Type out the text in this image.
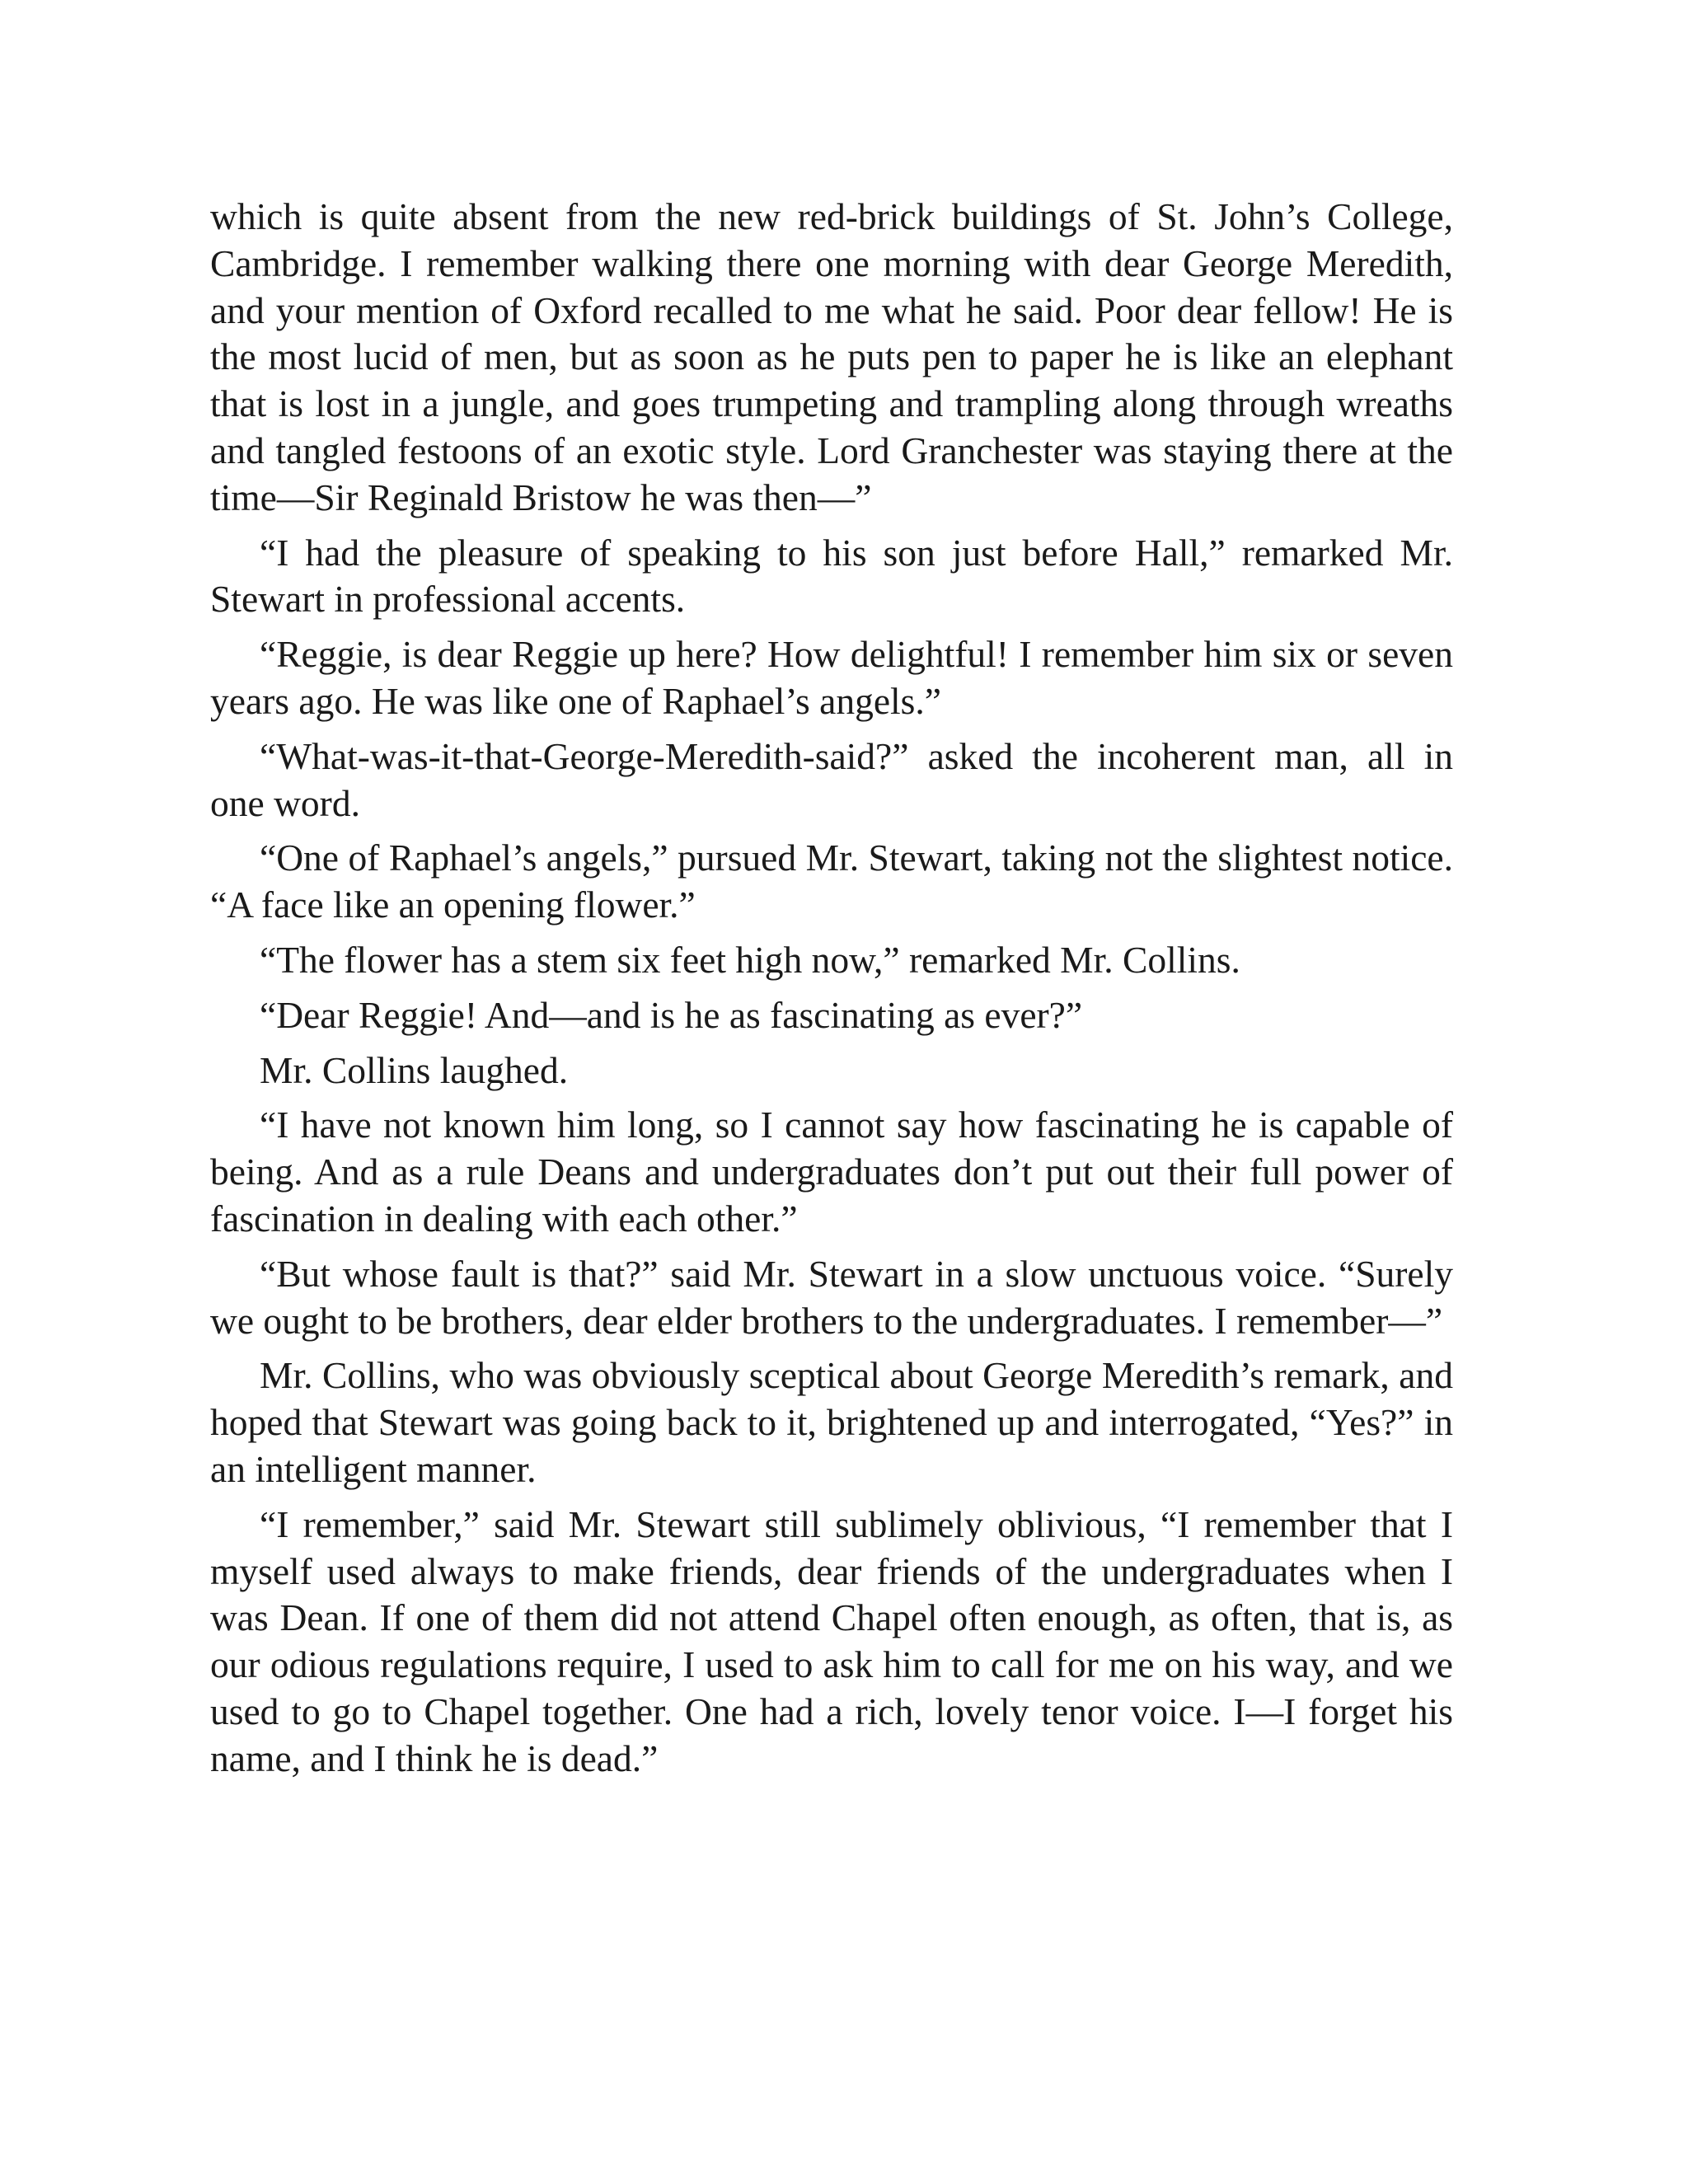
which is quite absent from the new red-brick buildings of St. John’s College, Cambridge. I remember walking there one morning with dear George Meredith, and your mention of Oxford recalled to me what he said. Poor dear fellow! He is the most lucid of men, but as soon as he puts pen to paper he is like an elephant that is lost in a jungle, and goes trumpeting and trampling along through wreaths and tangled festoons of an exotic style. Lord Granchester was staying there at the time—Sir Reginald Bristow he was then—”

“I had the pleasure of speaking to his son just before Hall,” remarked Mr. Stewart in professional accents.

“Reggie, is dear Reggie up here? How delightful! I remember him six or seven years ago. He was like one of Raphael’s angels.”

“What-was-it-that-George-Meredith-said?” asked the incoherent man, all in one word.

“One of Raphael’s angels,” pursued Mr. Stewart, taking not the slightest notice. “A face like an opening flower.”

“The flower has a stem six feet high now,” remarked Mr. Collins.

“Dear Reggie! And—and is he as fascinating as ever?”

Mr. Collins laughed.

“I have not known him long, so I cannot say how fascinating he is capable of being. And as a rule Deans and undergraduates don’t put out their full power of fascination in dealing with each other.”

“But whose fault is that?” said Mr. Stewart in a slow unctuous voice. “Surely we ought to be brothers, dear elder brothers to the undergraduates. I remember—”

Mr. Collins, who was obviously sceptical about George Meredith’s remark, and hoped that Stewart was going back to it, brightened up and interrogated, “Yes?” in an intelligent manner.

“I remember,” said Mr. Stewart still sublimely oblivious, “I remember that I myself used always to make friends, dear friends of the undergraduates when I was Dean. If one of them did not attend Chapel often enough, as often, that is, as our odious regulations require, I used to ask him to call for me on his way, and we used to go to Chapel together. One had a rich, lovely tenor voice. I—I forget his name, and I think he is dead.”
